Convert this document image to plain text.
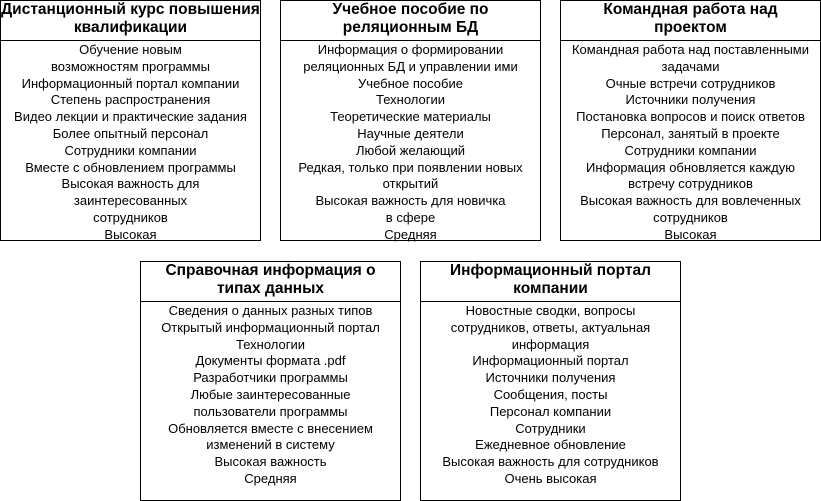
Дистанционный курс повышения квалификации
Обучение новым возможностям программы
Информационный портал компании
Степень распространения
Видео лекции и практические задания
Более опытный персонал
Сотрудники компании
Вместе с обновлением программы
Высокая важность для заинтересованных сотрудников
Высокая
Учебное пособие по реляционным БД
Информация о формировании реляционных БД и управлении ими
Учебное пособие
Технологии
Теоретические материалы
Научные деятели
Любой желающий
Редкая, только при появлении новых открытий
Высокая важность для новичка в сфере
Средняя
Командная работа над проектом
Командная работа над поставленными задачами
Очные встречи сотрудников
Источники получения
Постановка вопросов и поиск ответов
Персонал, занятый в проекте
Сотрудники компании
Информация обновляется каждую встречу сотрудников
Высокая важность для вовлеченных сотрудников
Высокая
Справочная информация о типах данных
Сведения о данных разных типов
Открытый информационный портал
Технологии
Документы формата .pdf
Разработчики программы
Любые заинтересованные пользователи программы
Обновляется вместе с внесением изменений в систему
Высокая важность
Средняя
Информационный портал компании
Новостные сводки, вопросы сотрудников, ответы, актуальная информация
Информационный портал
Источники получения
Сообщения, посты
Персонал компании
Сотрудники
Ежедневное обновление
Высокая важность для сотрудников
Очень высокая
